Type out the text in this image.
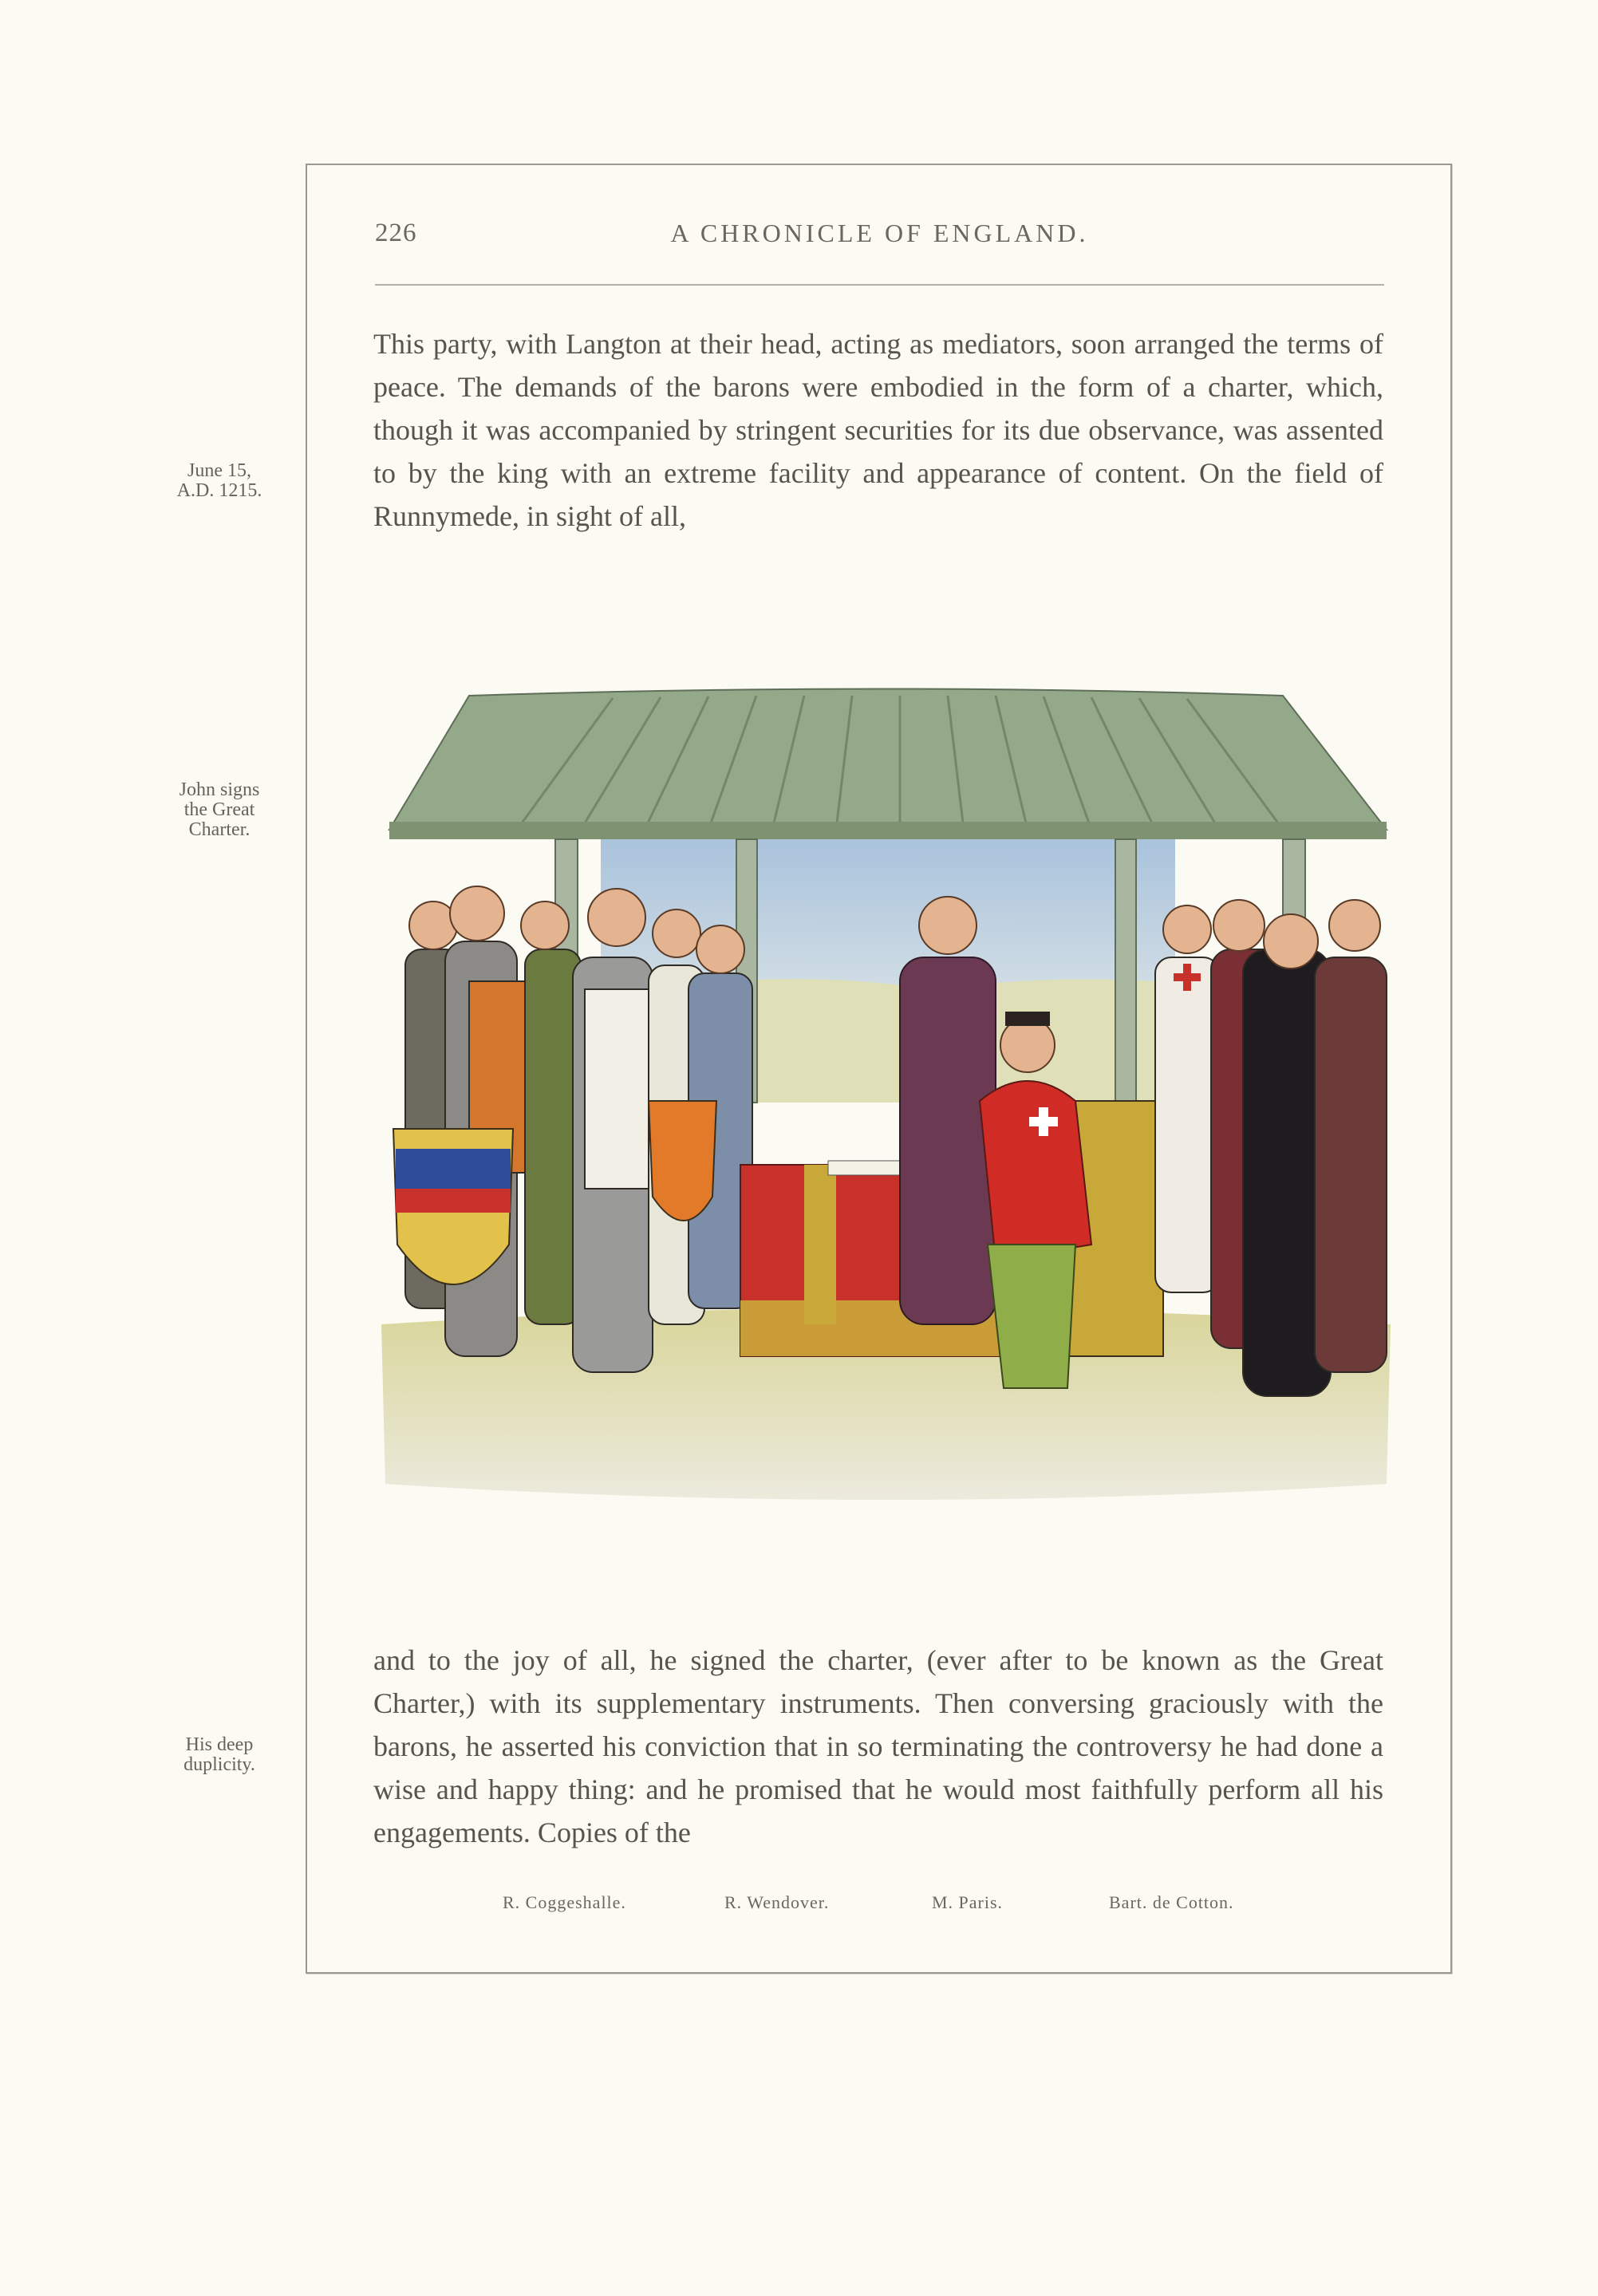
226	A CHRONICLE OF ENGLAND.
June 15,
A.D. 1215.
John signs
the Great
Charter.
His deep
duplicity.

This party, with Langton at their head, acting as mediators, soon arranged the terms of peace. The demands of the barons were embodied in the form of a charter, which, though it was accompanied by stringent securities for its due observance, was assented to by the king with an extreme facility and appearance of content. On the field of Runnymede, in sight of all,

and to the joy of all, he signed the charter, (ever after to be known as the Great Charter,) with its supplementary instruments. Then conversing graciously with the barons, he asserted his conviction that in so terminating the controversy he had done a wise and happy thing: and he promised that he would most faithfully perform all his engagements. Copies of the

R. Coggeshalle.	R. Wendover.	M. Paris.	Bart. de Cotton.
